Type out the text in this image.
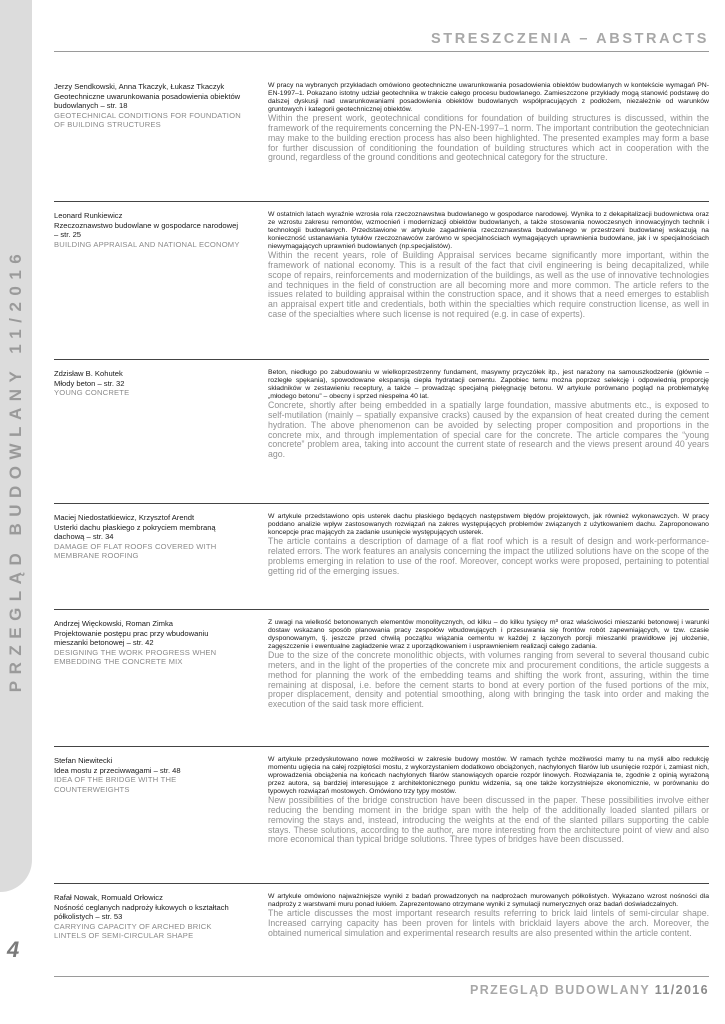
PRZEGLĄD BUDOWLANY 11/2016
4
STRESZCZENIA – ABSTRACTS
Jerzy Sendkowski, Anna Tkaczyk, Łukasz Tkaczyk
Geotechniczne uwarunkowania posadowienia obiektów budowlanych – str. 18
GEOTECHNICAL CONDITIONS FOR FOUNDATION OF BUILDING STRUCTURES
W pracy na wybranych przykładach omówiono geotechniczne uwarunkowania posadowienia obiektów budowlanych w kontekście wymagań PN-EN-1997–1. Pokazano istotny udział geotechnika w trakcie całego procesu budowlanego. Zamieszczone przykłady mogą stanowić podstawę do dalszej dyskusji nad uwarunkowaniami posadowienia obiektów budowlanych współpracujących z podłożem, niezależnie od warunków gruntowych i kategorii geotechnicznej obiektów.
Within the present work, geotechnical conditions for foundation of building structures is discussed, within the framework of the requirements concerning the PN-EN-1997–1 norm. The important contribution the geotechnician may make to the building erection process has also been highlighted. The presented examples may form a base for further discussion of conditioning the foundation of building structures which act in cooperation with the ground, regardless of the ground conditions and geotechnical category for the structure.
Leonard Runkiewicz
Rzeczoznawstwo budowlane w gospodarce narodowej – str. 25
BUILDING APPRAISAL AND NATIONAL ECONOMY
W ostatnich latach wyraźnie wzrosła rola rzeczoznawstwa budowlanego w gospodarce narodowej. Wynika to z dekapitalizacji budownictwa oraz ze wzrostu zakresu remontów, wzmocnień i modernizacji obiektów budowlanych, a także stosowania nowoczesnych innowacyjnych technik i technologii budowlanych. Przedstawione w artykule zagadnienia rzeczoznawstwa budowlanego w przestrzeni budowlanej wskazują na konieczność ustanawiania tytułów rzeczoznawców zarówno w specjalnościach wymagających uprawnienia budowlane, jak i w specjalnościach niewymagających uprawnień budowlanych (np.specjalistów).
Within the recent years, role of Building Appraisal services became significantly more important, within the framework of national economy. This is a result of the fact that civil engineering is being decapitalized, while scope of repairs, reinforcements and modernization of the buildings, as well as the use of innovative technologies and techniques in the field of construction are all becoming more and more common. The article refers to the issues related to building appraisal within the construction space, and it shows that a need emerges to establish an appraisal expert title and credentials, both within the specialties which require construction license, as well in case of the specialties where such license is not required (e.g. in case of experts).
Zdzisław B. Kohutek
Młody beton – str. 32
YOUNG CONCRETE
Beton, niedługo po zabudowaniu w wielkoprzestrzenny fundament, masywny przyczółek itp., jest narażony na samouszkodzenie (głównie – rozległe spękania), spowodowane ekspansją ciepła hydratacji cementu. Zapobiec temu można poprzez selekcję i odpowiednią proporcję składników w zestawieniu receptury, a także – prowadząc specjalną pielęgnację betonu. W artykule porównano pogląd na problematykę „młodego betonu” – obecny i sprzed niespełna 40 lat.
Concrete, shortly after being embedded in a spatially large foundation, massive abutments etc., is exposed to self-mutilation (mainly – spatially expansive cracks) caused by the expansion of heat created during the cement hydration. The above phenomenon can be avoided by selecting proper composition and proportions in the concrete mix, and through implementation of special care for the concrete. The article compares the “young concrete” problem area, taking into account the current state of research and the views present around 40 years ago.
Maciej Niedostatkiewicz, Krzysztof Arendt
Usterki dachu płaskiego z pokryciem membraną dachową – str. 34
DAMAGE OF FLAT ROOFS COVERED WITH MEMBRANE ROOFING
W artykule przedstawiono opis usterek dachu płaskiego będących następstwem błędów projektowych, jak również wykonawczych. W pracy poddano analizie wpływ zastosowanych rozwiązań na zakres występujących problemów związanych z użytkowaniem dachu. Zaproponowano koncepcje prac mających za zadanie usunięcie występujących usterek.
The article contains a description of damage of a flat roof which is a result of design and work-performance-related errors. The work features an analysis concerning the impact the utilized solutions have on the scope of the problems emerging in relation to use of the roof. Moreover, concept works were proposed, pertaining to potential getting rid of the emerging issues.
Andrzej Więckowski, Roman Zimka
Projektowanie postępu prac przy wbudowaniu mieszanki betonowej – str. 42
DESIGNING THE WORK PROGRESS WHEN EMBEDDING THE CONCRETE MIX
Z uwagi na wielkość betonowanych elementów monolitycznych, od kilku – do kilku tysięcy m³ oraz właściwości mieszanki betonowej i warunki dostaw wskazano sposób planowania pracy zespołów wbudowujących i przesuwania się frontów robót zapewniających, w tzw. czasie dysponowanym, tj. jeszcze przed chwilą początku wiązania cementu w każdej z łączonych porcji mieszanki prawidłowe jej ułożenie, zagęszczenie i ewentualne zagładzenie wraz z uporządkowaniem i usprawnieniem realizacji całego zadania.
Due to the size of the concrete monolithic objects, with volumes ranging from several to several thousand cubic meters, and in the light of the properties of the concrete mix and procurement conditions, the article suggests a method for planning the work of the embedding teams and shifting the work front, assuring, within the time remaining at disposal, i.e. before the cement starts to bond at every portion of the fused portions of the mix, proper displacement, density and potential smoothing, along with bringing the task into order and making the execution of the said task more efficient.
Stefan Niewitecki
Idea mostu z przeciwwagami – str. 48
IDEA OF THE BRIDGE WITH THE COUNTERWEIGHTS
W artykule przedyskutowano nowe możliwości w zakresie budowy mostów. W ramach tychże możliwości mamy tu na myśli albo redukcję momentu ugięcia na całej rozpiętości mostu, z wykorzystaniem dodatkowo obciążonych, nachylonych filarów lub usunięcie rozpór i, zamiast nich, wprowadzenia obciążenia na końcach nachylonych filarów stanowiących oparcie rozpór linowych. Rozwiązania te, zgodnie z opinią wyrażoną przez autora, są bardziej interesujące z architektonicznego punktu widzenia, są one także korzystniejsze ekonomicznie, w porównaniu do typowych rozwiązań mostowych. Omówiono trzy typy mostów.
New possibilities of the bridge construction have been discussed in the paper. These possibilities involve either reducing the bending moment in the bridge span with the help of the additionally loaded slanted pillars or removing the stays and, instead, introducing the weights at the end of the slanted pillars supporting the cable stays. These solutions, according to the author, are more interesting from the architecture point of view and also more economical than typical bridge solutions. Three types of bridges have been discussed.
Rafał Nowak, Romuald Orłowicz
Nośność ceglanych nadproży łukowych o kształtach półkolistych – str. 53
CARRYING CAPACITY OF ARCHED BRICK LINTELS OF SEMI-CIRCULAR SHAPE
W artykule omówiono najważniejsze wyniki z badań prowadzonych na nadprożach murowanych półkolistych. Wykazano wzrost nośności dla nadproży z warstwami muru ponad łukiem. Zaprezentowano otrzymane wyniki z symulacji numerycznych oraz badań doświadczalnych.
The article discusses the most important research results referring to brick laid lintels of semi-circular shape. Increased carrying capacity has been proven for lintels with bricklaid layers above the arch. Moreover, the obtained numerical simulation and experimental research results are also presented within the article content.
PRZEGLĄD BUDOWLANY 11/2016
